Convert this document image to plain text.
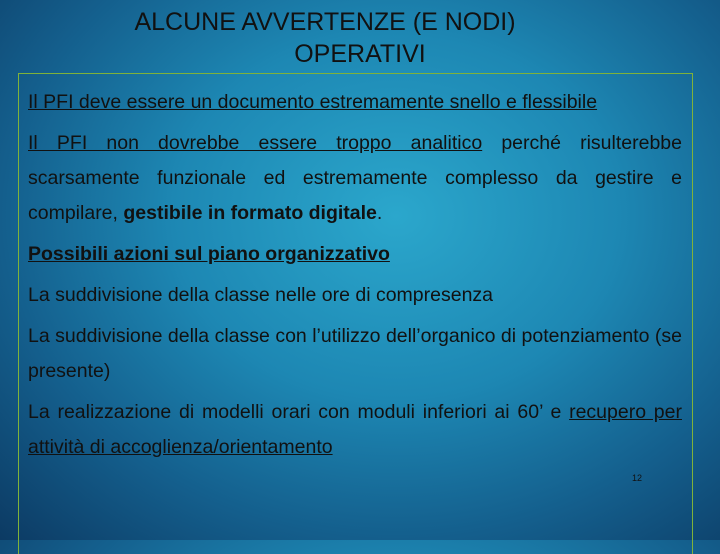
ALCUNE AVVERTENZE (E NODI)
OPERATIVI

Il PFI deve essere un documento estremamente snello e flessibile

Il PFI non dovrebbe essere troppo analitico perché risulterebbe scarsamente funzionale ed estremamente complesso da gestire e compilare, gestibile in formato digitale.

Possibili azioni sul piano organizzativo

La suddivisione della classe nelle ore di compresenza

La suddivisione della classe con l’utilizzo dell’organico di potenziamento (se presente)

La realizzazione di modelli orari con moduli inferiori ai 60’ e recupero per attività di accoglienza/orientamento

12
